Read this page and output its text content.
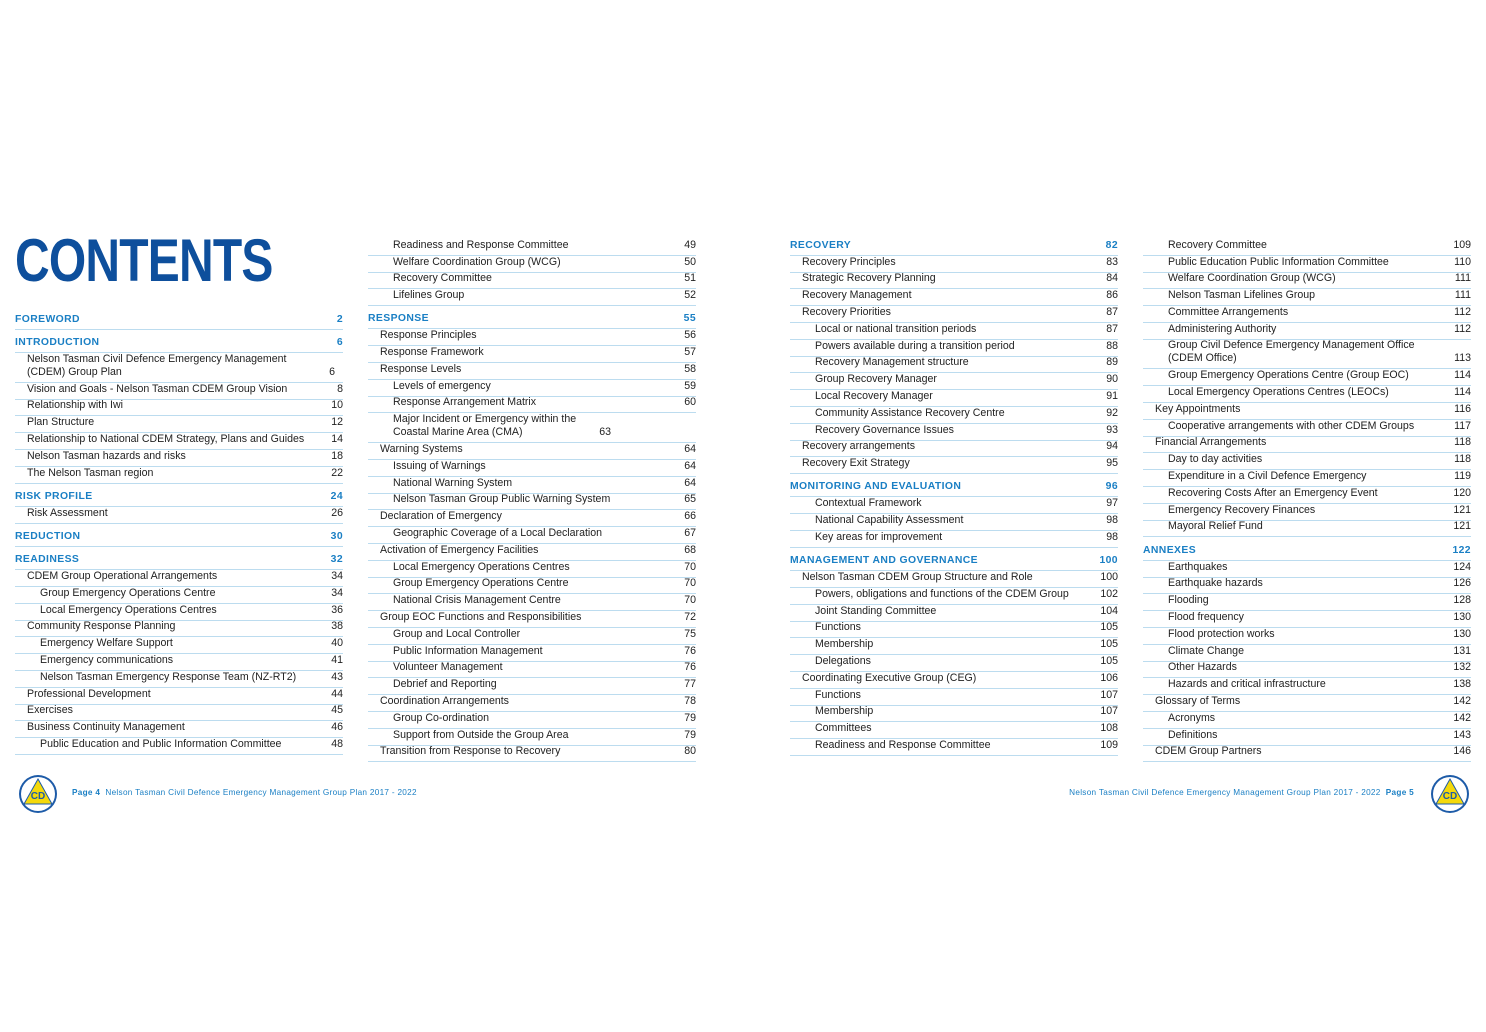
CONTENTS
FOREWORD	2
INTRODUCTION	6
Nelson Tasman Civil Defence Emergency Management (CDEM) Group Plan	6
Vision and Goals - Nelson Tasman CDEM Group Vision	8
Relationship with Iwi	10
Plan Structure	12
Relationship to National CDEM Strategy, Plans and Guides	14
Nelson Tasman hazards and risks	18
The Nelson Tasman region	22
RISK PROFILE	24
Risk Assessment	26
REDUCTION	30
READINESS	32
CDEM Group Operational Arrangements	34
Group Emergency Operations Centre	34
Local Emergency Operations Centres	36
Community Response Planning	38
Emergency Welfare Support	40
Emergency communications	41
Nelson Tasman Emergency Response Team (NZ-RT2)	43
Professional Development	44
Exercises	45
Business Continuity Management	46
Public Education and Public Information Committee	48
Readiness and Response Committee	49
Welfare Coordination Group (WCG)	50
Recovery Committee	51
Lifelines Group	52
RESPONSE	55
Response Principles	56
Response Framework	57
Response Levels	58
Levels of emergency	59
Response Arrangement Matrix	60
Major Incident or Emergency within the Coastal Marine Area (CMA)	63
Warning Systems	64
Issuing of Warnings	64
National Warning System	64
Nelson Tasman Group Public Warning System	65
Declaration of Emergency	66
Geographic Coverage of a Local Declaration	67
Activation of Emergency Facilities	68
Local Emergency Operations Centres	70
Group Emergency Operations Centre	70
National Crisis Management Centre	70
Group EOC Functions and Responsibilities	72
Group and Local Controller	75
Public Information Management	76
Volunteer Management	76
Debrief and Reporting	77
Coordination Arrangements	78
Group Co-ordination	79
Support from Outside the Group Area	79
Transition from Response to Recovery	80
RECOVERY	82
Recovery Principles	83
Strategic Recovery Planning	84
Recovery Management	86
Recovery Priorities	87
Local or national transition periods	87
Powers available during a transition period	88
Recovery Management structure	89
Group Recovery Manager	90
Local Recovery Manager	91
Community Assistance Recovery Centre	92
Recovery Governance Issues	93
Recovery arrangements	94
Recovery Exit Strategy	95
MONITORING AND EVALUATION	96
Contextual Framework	97
National Capability Assessment	98
Key areas for improvement	98
MANAGEMENT AND GOVERNANCE	100
Nelson Tasman CDEM Group Structure and Role	100
Powers, obligations and functions of the CDEM Group	102
Joint Standing Committee	104
Functions	105
Membership	105
Delegations	105
Coordinating Executive Group (CEG)	106
Functions	107
Membership	107
Committees	108
Readiness and Response Committee	109
Recovery Committee	109
Public Education Public Information Committee	110
Welfare Coordination Group (WCG)	111
Nelson Tasman Lifelines Group	111
Committee Arrangements	112
Administering Authority	112
Group Civil Defence Emergency Management Office (CDEM Office)	113
Group Emergency Operations Centre (Group EOC)	114
Local Emergency Operations Centres (LEOCs)	114
Key Appointments	116
Cooperative arrangements with other CDEM Groups	117
Financial Arrangements	118
Day to day activities	118
Expenditure in a Civil Defence Emergency	119
Recovering Costs After an Emergency Event	120
Emergency Recovery Finances	121
Mayoral Relief Fund	121
ANNEXES	122
Earthquakes	124
Earthquake hazards	126
Flooding	128
Flood frequency	130
Flood protection works	130
Climate Change	131
Other Hazards	132
Hazards and critical infrastructure	138
Glossary of Terms	142
Acronyms	142
Definitions	143
CDEM Group Partners	146
CD	Page 4 Nelson Tasman Civil Defence Emergency Management Group Plan 2017 - 2022	Nelson Tasman Civil Defence Emergency Management Group Plan 2017 - 2022 Page 5	CD
